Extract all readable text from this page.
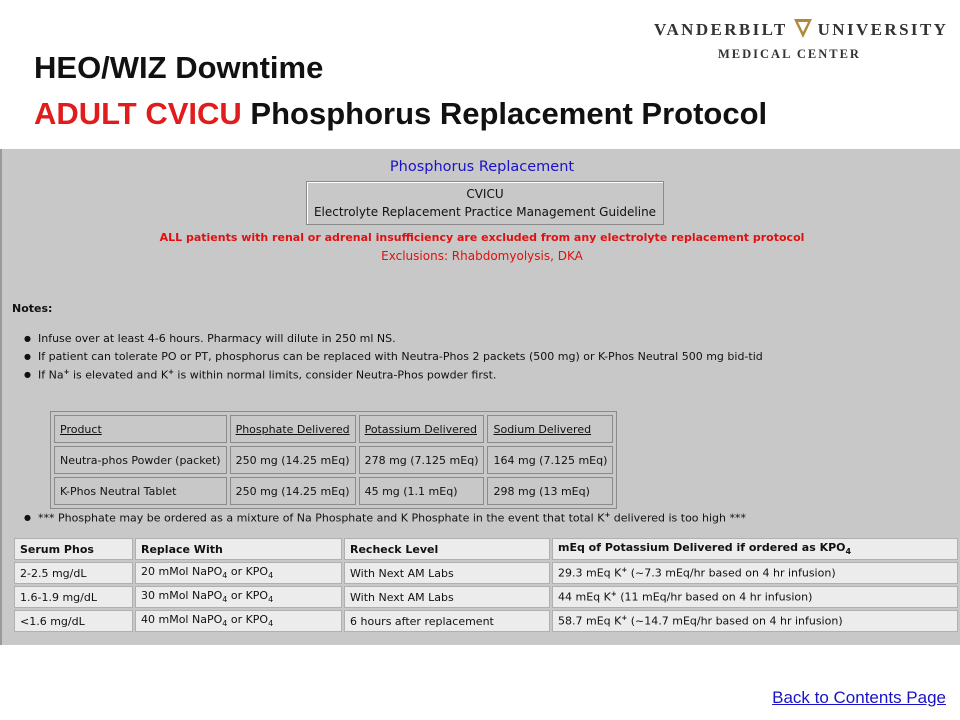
HEO/WIZ Downtime
ADULT CVICU Phosphorus Replacement Protocol
VANDERBILT UNIVERSITY
MEDICAL CENTER
Phosphorus Replacement
CVICU
Electrolyte Replacement Practice Management Guideline
ALL patients with renal or adrenal insufficiency are excluded from any electrolyte replacement protocol
Exclusions: Rhabdomyolysis, DKA
Notes:
● Infuse over at least 4-6 hours. Pharmacy will dilute in 250 ml NS.
● If patient can tolerate PO or PT, phosphorus can be replaced with Neutra-Phos 2 packets (500 mg) or K-Phos Neutral 500 mg bid-tid
● If Na+ is elevated and K+ is within normal limits, consider Neutra-Phos powder first.
Product	Phosphate Delivered	Potassium Delivered	Sodium Delivered
Neutra-phos Powder (packet)	250 mg (14.25 mEq)	278 mg (7.125 mEq)	164 mg (7.125 mEq)
K-Phos Neutral Tablet	250 mg (14.25 mEq)	45 mg (1.1 mEq)	298 mg (13 mEq)
● *** Phosphate may be ordered as a mixture of Na Phosphate and K Phosphate in the event that total K+ delivered is too high ***
Serum Phos	Replace With	Recheck Level	mEq of Potassium Delivered if ordered as $KPO_4$
2-2.5 mg/dL	20 mMol NaPO$_4$ or $KPO_4$	With Next AM Labs	29.3 mEq K+ (~7.3 mEq/hr based on 4 hr infusion)
1.6-1.9 mg/dL	30 mMol NaPO$_4$ or $KPO_4$	With Next AM Labs	44 mEq K+ (11 mEq/hr based on 4 hr infusion)
<1.6 mg/dL	40 mMol NaPO$_4$ or $KPO_4$	6 hours after replacement	58.7 mEq K+ (~14.7 mEq/hr based on 4 hr infusion)
Back to Contents Page
